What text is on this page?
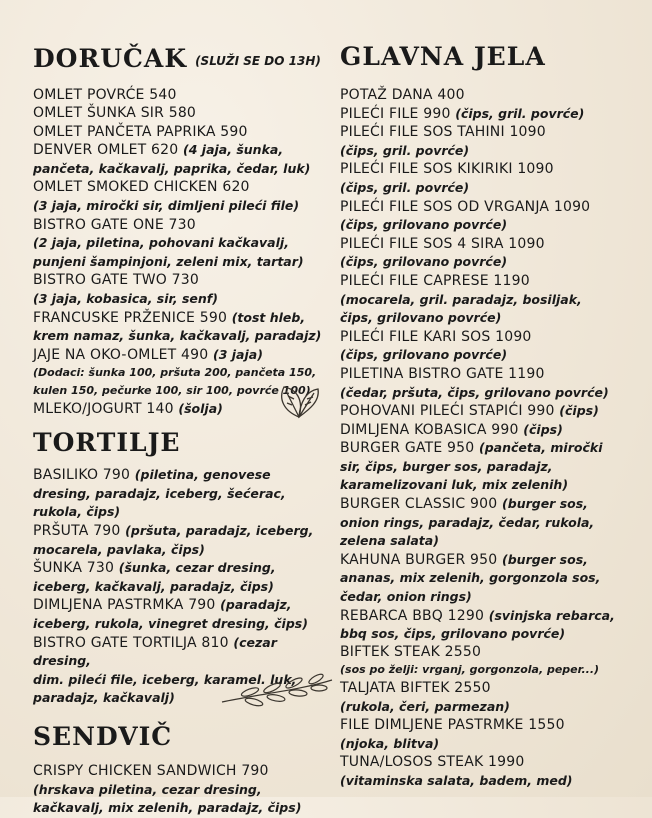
DORUČAK (SLUŽI SE DO 13H)
OMLET POVRĆE 540
OMLET ŠUNKA SIR 580
OMLET PANČETA PAPRIKA 590
DENVER OMLET 620 (4 jaja, šunka,
pančeta, kačkavalj, paprika, čedar, luk)
OMLET SMOKED CHICKEN 620
(3 jaja, miročki sir, dimljeni pileći file)
BISTRO GATE ONE 730
(2 jaja, piletina, pohovani kačkavalj,
punjeni šampinjoni, zeleni mix, tartar)
BISTRO GATE TWO 730
(3 jaja, kobasica, sir, senf)
FRANCUSKE PRŽENICE 590 (tost hleb,
krem namaz, šunka, kačkavalj, paradajz)
JAJE NA OKO-OMLET 490 (3 jaja)
(Dodaci: šunka 100, pršuta 200, pančeta 150,
kulen 150, pečurke 100, sir 100, povrće 100)
MLEKO/JOGURT 140 (šolja)
TORTILJE
BASILIKO 790 (piletina, genovese
dresing, paradajz, iceberg, šećerac,
rukola, čips)
PRŠUTA 790 (pršuta, paradajz, iceberg,
mocarela, pavlaka, čips)
ŠUNKA 730 (šunka, cezar dresing,
iceberg, kačkavalj, paradajz, čips)
DIMLJENA PASTRMKA 790 (paradajz,
iceberg, rukola, vinegret dresing, čips)
BISTRO GATE TORTILJA 810 (cezar dresing,
dim. pileći file, iceberg, karamel. luk,
paradajz, kačkavalj)
SENDVIČ
CRISPY CHICKEN SANDWICH 790
(hrskava piletina, cezar dresing,
kačkavalj, mix zelenih, paradajz, čips)
GLAVNA JELA
POTAŽ DANA 400
PILEĆI FILE 990 (čips, gril. povrće)
PILEĆI FILE SOS TAHINI 1090
(čips, gril. povrće)
PILEĆI FILE SOS KIKIRIKI 1090
(čips, gril. povrće)
PILEĆI FILE SOS OD VRGANJA 1090
(čips, grilovano povrće)
PILEĆI FILE SOS 4 SIRA 1090
(čips, grilovano povrće)
PILEĆI FILE CAPRESE 1190
(mocarela, gril. paradajz, bosiljak,
čips, grilovano povrće)
PILEĆI FILE KARI SOS 1090
(čips, grilovano povrće)
PILETINA BISTRO GATE 1190
(čedar, pršuta, čips, grilovano povrće)
POHOVANI PILEĆI STAPIĆI 990 (čips)
DIMLJENA KOBASICA 990 (čips)
BURGER GATE 950 (pančeta, miročki
sir, čips, burger sos, paradajz,
karamelizovani luk, mix zelenih)
BURGER CLASSIC 900 (burger sos,
onion rings, paradajz, čedar, rukola,
zelena salata)
KAHUNA BURGER 950 (burger sos,
ananas, mix zelenih, gorgonzola sos,
čedar, onion rings)
REBARCA BBQ 1290 (svinjska rebarca,
bbq sos, čips, grilovano povrće)
BIFTEK STEAK 2550
(sos po želji: vrganj, gorgonzola, peper...)
TALJATA BIFTEK 2550
(rukola, čeri, parmezan)
FILE DIMLJENE PASTRMKE 1550
(njoka, blitva)
TUNA/LOSOS STEAK 1990
(vitaminska salata, badem, med)
